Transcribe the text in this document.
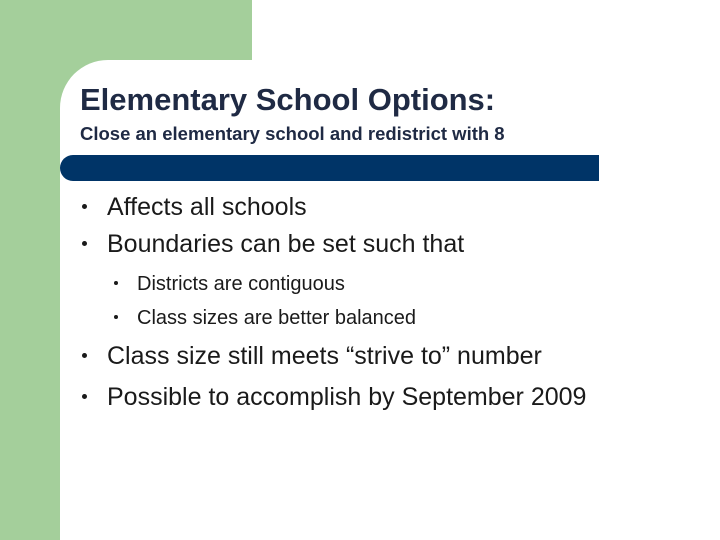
Elementary School Options:
Close an elementary school and redistrict with 8
Affects all schools
Boundaries can be set such that
Districts are contiguous
Class sizes are better balanced
Class size still meets “strive to” number
Possible to accomplish by September 2009
